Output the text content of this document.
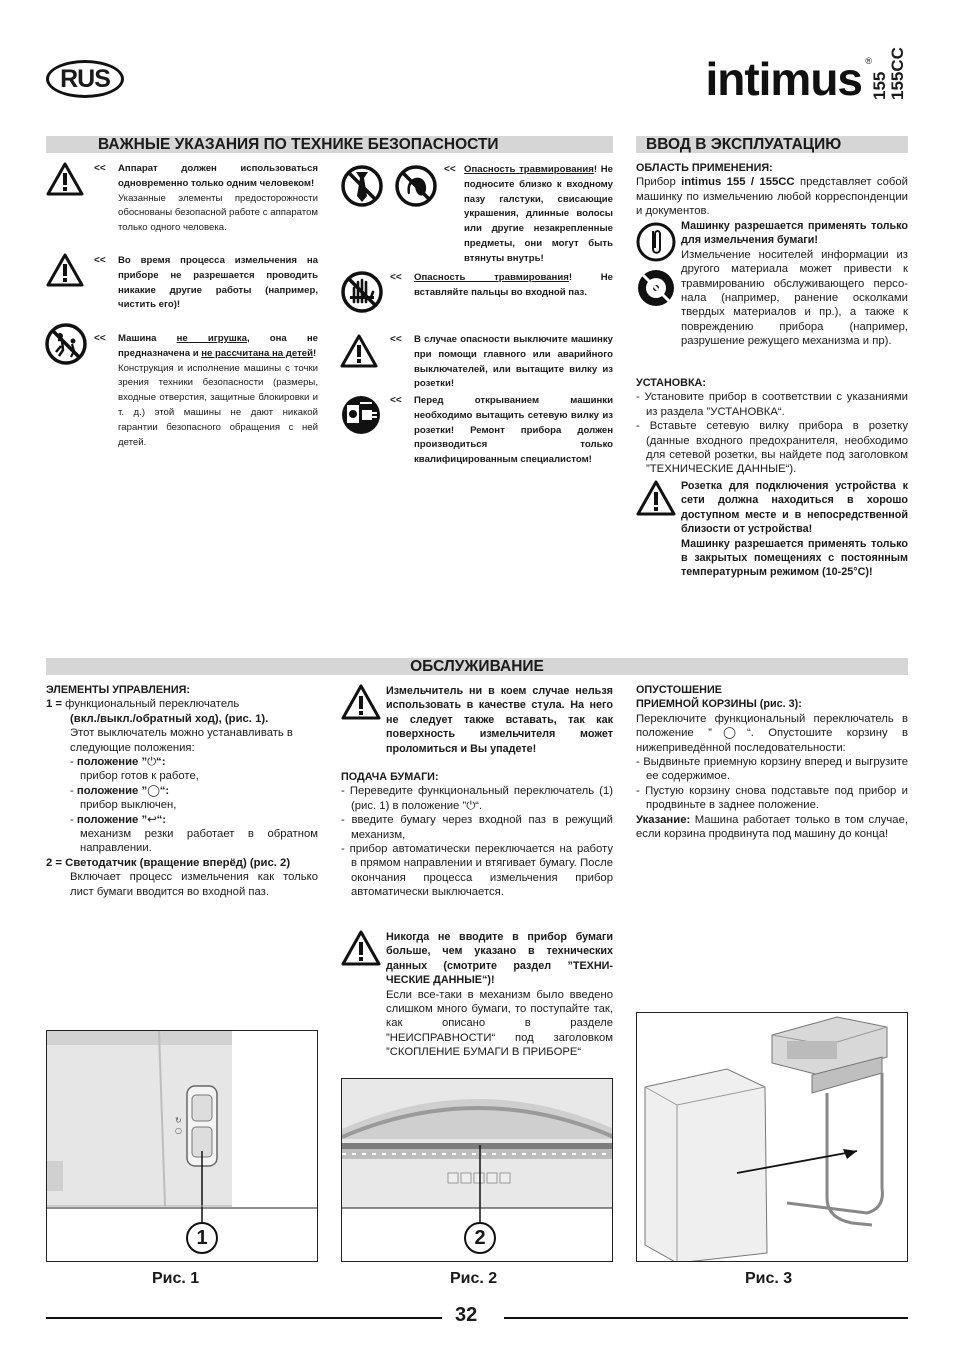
RUS	intimus ®
155 155CC
ВАЖНЫЕ УКАЗАНИЯ ПО ТЕХНИКЕ БЕЗОПАСНОСТИ
<< Аппарат должен использоваться одновременно только одним человеком!
Указанные элементы предосторожности обоснованы безопасной работе с аппаратом только одного человека.
<< Во время процесса измельчения на приборе не разрешается проводить никакие другие работы (например, чистить его)!
<< Машина не игрушка, она не предназначена и не рассчитана на детей!
Конструкция и исполнение машины с точки зрения техники безопасности (размеры, входные отверстия, защитные блокировки и т. д.) этой машины не дают никакой гарантии безопасного обращения с ней детей.
<< Опасность травмирования! Не подносите близко к входному пазу галстуки, свисающие украшения, длинные волосы или другие незакрепленные предметы, они могут быть втянуты внутрь!
<< Опасность травмирования! Не вставляйте пальцы во входной паз.
<< В случае опасности выключите машинку при помощи главного или аварийного выключателей, или вытащите вилку из розетки!
<< Перед открыванием машинки необходимо вытащить сетевую вилку из розетки! Ремонт прибора должен производиться только квалифицированным специалистом!
ВВОД В ЭКСПЛУАТАЦИЮ

ОБЛАСТЬ ПРИМЕНЕНИЯ:

Прибор intimus 155 / 155CC представляет собой машинку по измельчению любой корреспонденции и документов.

Машинку разрешается применять только для измельчения бумаги!

Измельчение носителей информации из другого материала может привести к травмированию обслуживающего персо-нала (например, ранение осколками твердых материалов и пр.), а также к повреждению прибора (например, разрушение режущего механизма и пр).

УСТАНОВКА:

- Установите прибор в соответствии с указаниями из раздела ”УСТАНОВКА“.

- Вставьте сетевую вилку прибора в розетку (данные входного предохранителя, необходимо для сетевой розетки, вы найдете под заголовком ”ТЕХНИЧЕСКИЕ ДАННЫЕ“).

Розетка для подключения устройства к сети должна находиться в хорошо доступном месте и в непосредственной близости от устройства!

Машинку разрешается применять только в закрытых помещениях с постоянным температурным режимом (10-25°C)!

ОБСЛУЖИВАНИЕ

ЭЛЕМЕНТЫ УПРАВЛЕНИЯ:

1 = функциональный переключатель

(вкл./выкл./обратный ход), (рис. 1).

Этот выключатель можно устанавливать в следующие положения:

- положение ”⏻“:

прибор готов к работе,

- положение ”◯“:

прибор выключен,

- положение ”↩“:

механизм резки работает в обратном направлении.

2 = Светодатчик (вращение вперёд) (рис. 2)

Включает процесс измельчения как только лист бумаги вводится во входной паз.

Измельчитель ни в коем случае нельзя использовать в качестве стула. На него не следует также вставать, так как поверхность измельчителя может проломиться и Вы упадете!

ПОДАЧА БУМАГИ:

- Переведите функциональный переключатель (1) (рис. 1) в положение ”⏻“.

- введите бумагу через входной паз в режущий механизм,

- прибор автоматически переключается на работу в прямом направлении и втягивает бумагу. После окончания процесса измельчения прибор автоматически выключается.

Никогда не вводите в прибор бумаги больше, чем указано в технических данных (смотрите раздел ”ТЕХНИ-ЧЕСКИЕ ДАННЫЕ“)!

Если все-таки в механизм было введено слишком много бумаги, то поступайте так, как описано в разделе ”НЕИСПРАВНОСТИ“ под заголовком ”СКОПЛЕНИЕ БУМАГИ В ПРИБОРЕ“

ОПУСТОШЕНИЕ

ПРИЕМНОЙ КОРЗИНЫ (рис. 3):

Переключите функциональный переключатель в положение ”◯“. Опустошите корзину в нижеприведённой последовательности:

- Выдвиньте приемную корзину вперед и выгрузите ее содержимое.

- Пустую корзину снова подставьте под прибор и продвиньте в заднее положение.

Указание: Машина работает только в том случае, если корзина продвинута под машину до конца!

↻
○
1
Рис. 1
2
Рис. 2	Рис. 3
32
